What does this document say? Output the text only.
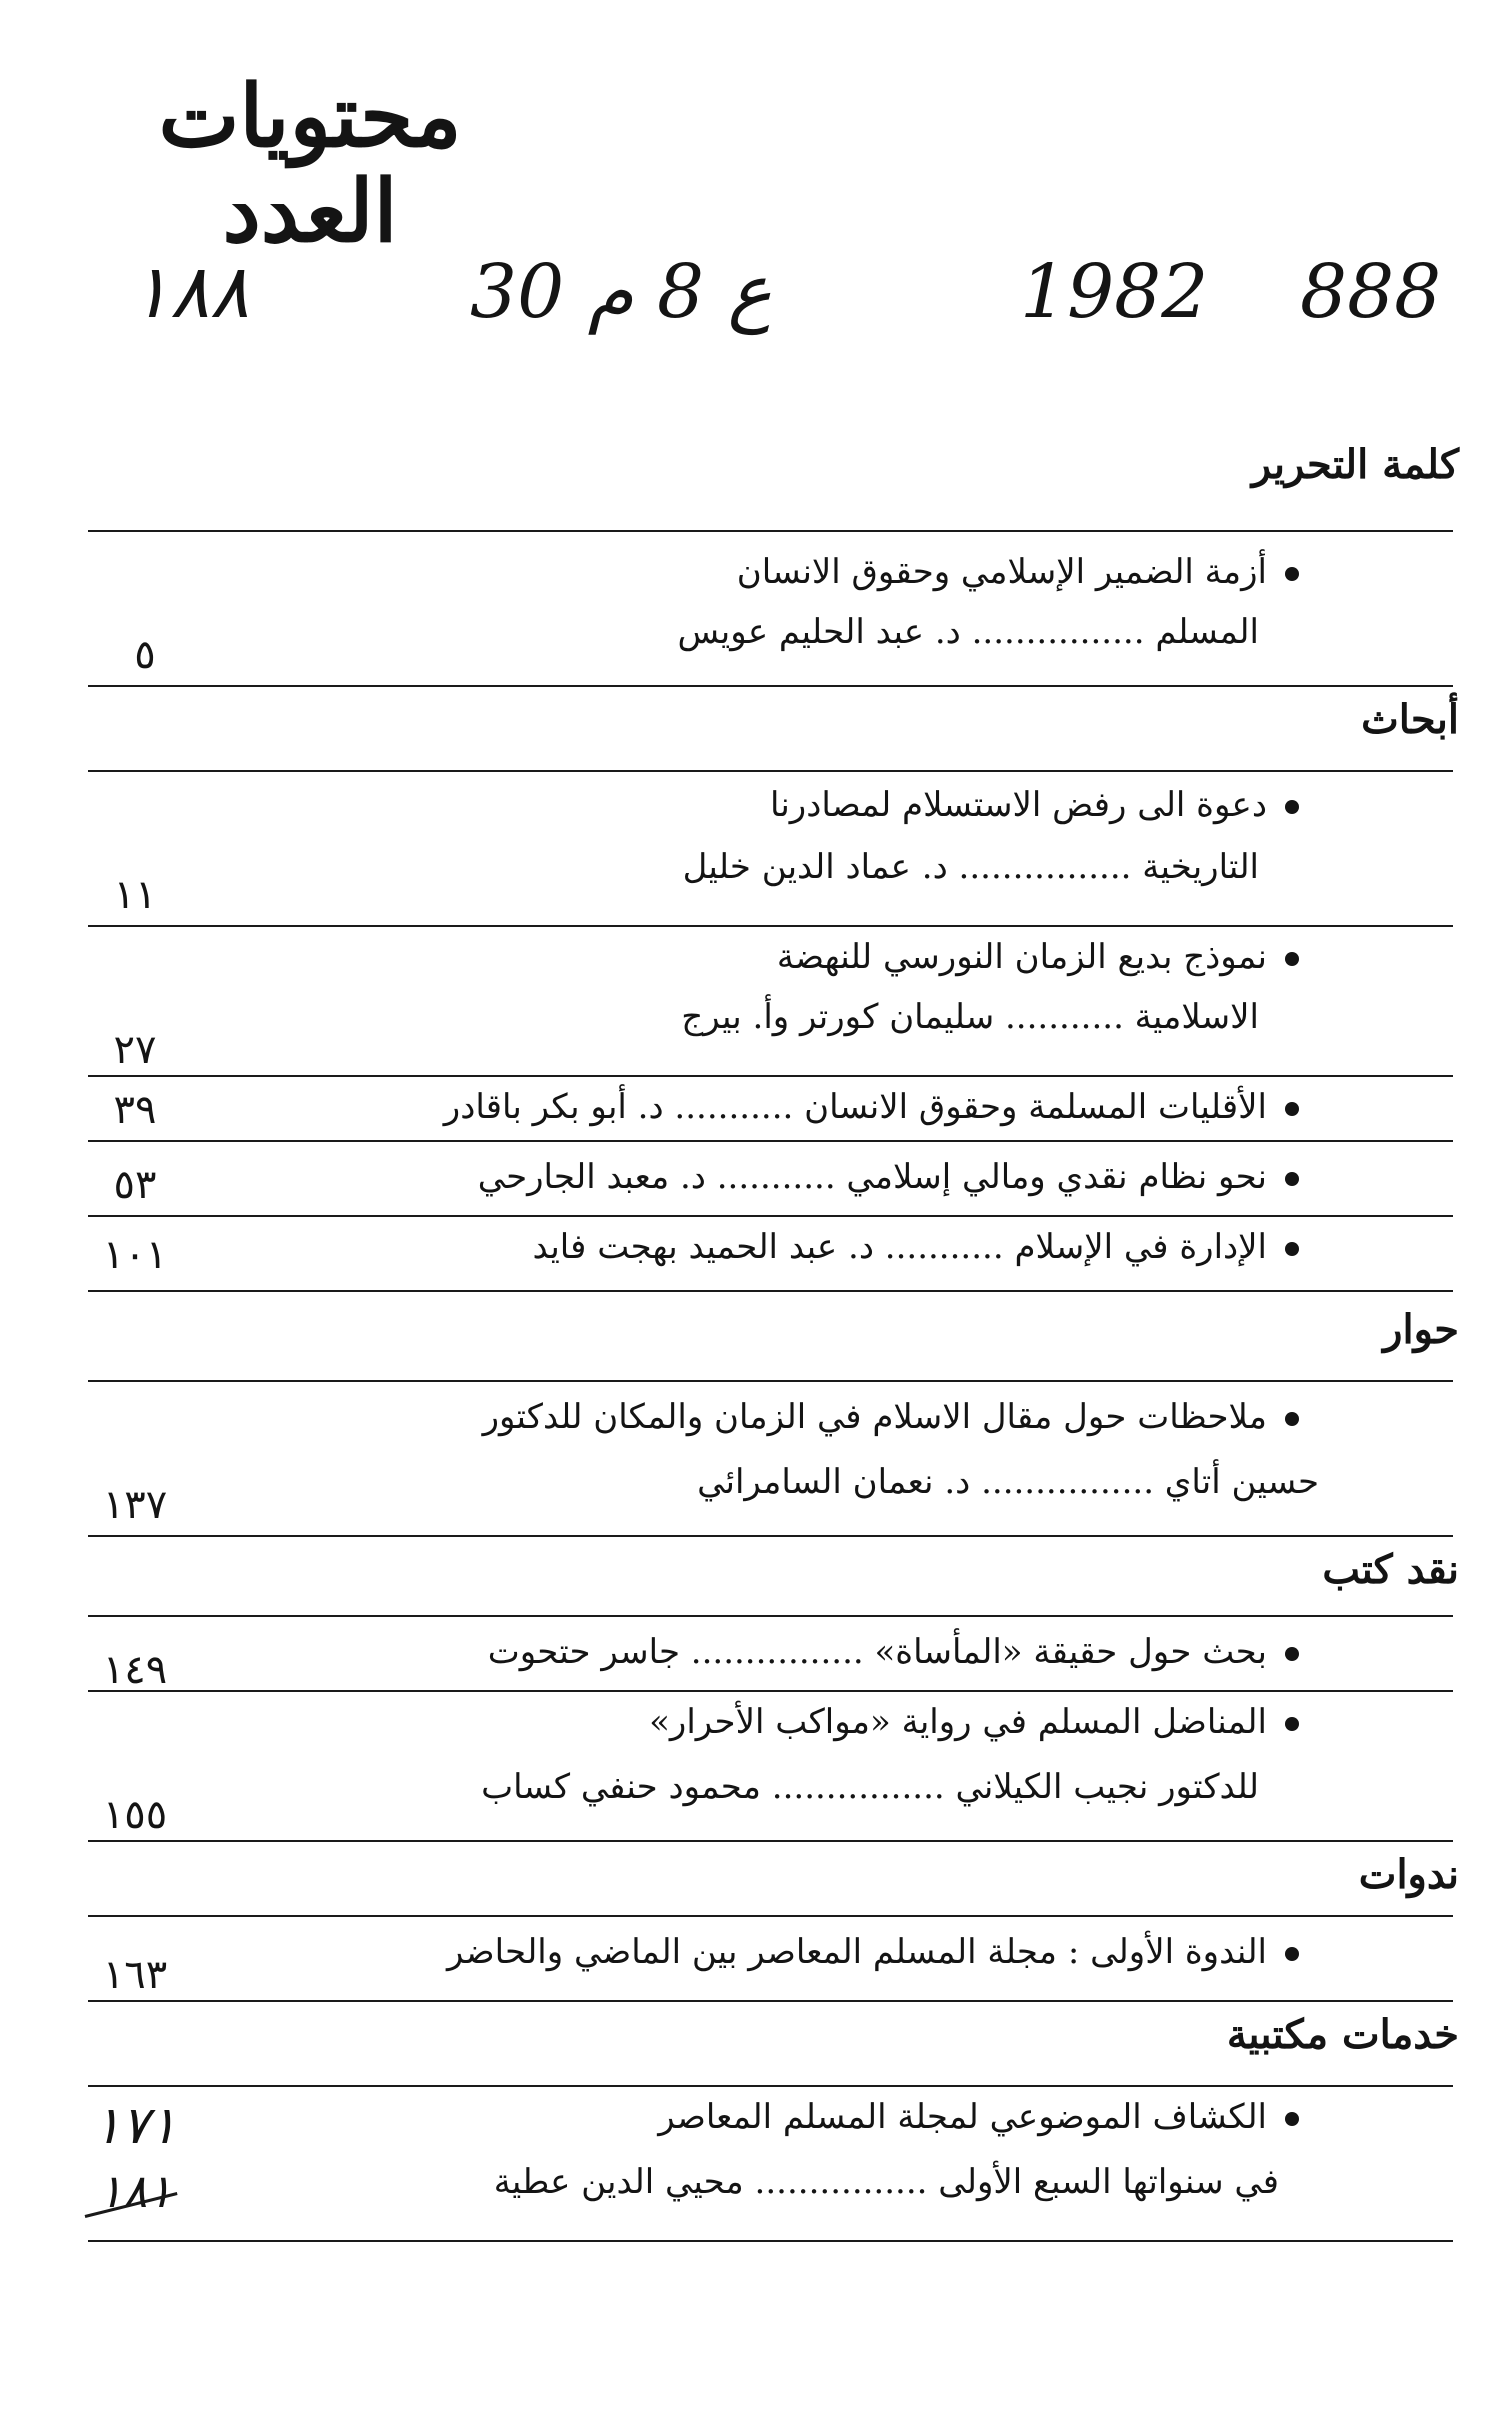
محتويات العدد
١٨٨	30 ع 8 م	1982 888
كلمة التحرير
أزمة الضمير الإسلامي وحقوق الانسان
المسلم ................ د. عبد الحليم عويس
٥
أبحاث
دعوة الى رفض الاستسلام لمصادرنا
التاريخية ................ د. عماد الدين خليل
١١
نموذج بديع الزمان النورسي للنهضة
الاسلامية ........... سليمان كورتر وأ. بيرج
٢٧
الأقليات المسلمة وحقوق الانسان ........... د. أبو بكر باقادر
٣٩
نحو نظام نقدي ومالي إسلامي ........... د. معبد الجارحي
٥٣
الإدارة في الإسلام ........... د. عبد الحميد بهجت فايد
١٠١
حوار
ملاحظات حول مقال الاسلام في الزمان والمكان للدكتور
حسين أتاي ................ د. نعمان السامرائي
١٣٧
نقد كتب
بحث حول حقيقة «المأساة» ................ جاسر حتحوت
١٤٩
المناضل المسلم في رواية «مواكب الأحرار»
للدكتور نجيب الكيلاني ................ محمود حنفي كساب
١٥٥
ندوات
الندوة الأولى : مجلة المسلم المعاصر بين الماضي والحاضر
١٦٣
خدمات مكتبية
الكشاف الموضوعي لمجلة المسلم المعاصر
في سنواتها السبع الأولى ................ محيي الدين عطية
١٧١
١٨١
